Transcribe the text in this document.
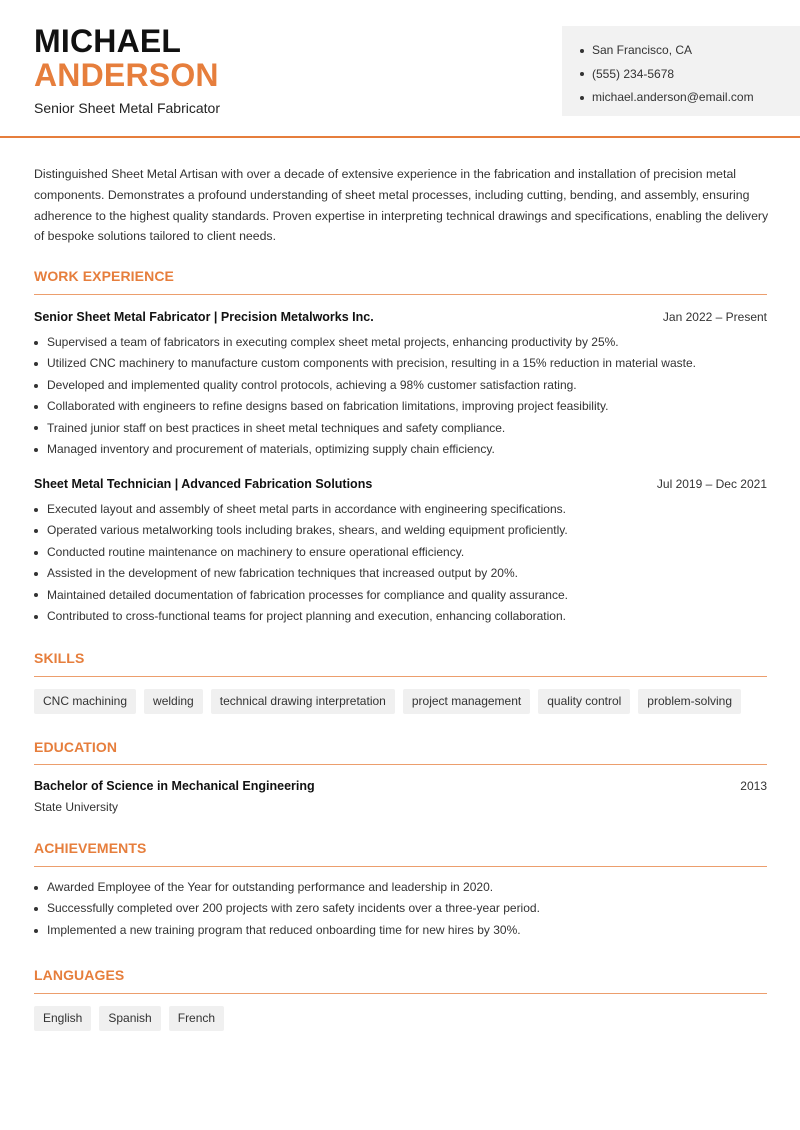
MICHAEL
ANDERSON
Senior Sheet Metal Fabricator
San Francisco, CA
(555) 234-5678
michael.anderson@email.com

Distinguished Sheet Metal Artisan with over a decade of extensive experience in the fabrication and installation of precision metal components. Demonstrates a profound understanding of sheet metal processes, including cutting, bending, and assembly, ensuring adherence to the highest quality standards. Proven expertise in interpreting technical drawings and specifications, enabling the delivery of bespoke solutions tailored to client needs.

WORK EXPERIENCE
Senior Sheet Metal Fabricator | Precision Metalworks Inc.	Jan 2022 – Present
Supervised a team of fabricators in executing complex sheet metal projects, enhancing productivity by 25%.
Utilized CNC machinery to manufacture custom components with precision, resulting in a 15% reduction in material waste.
Developed and implemented quality control protocols, achieving a 98% customer satisfaction rating.
Collaborated with engineers to refine designs based on fabrication limitations, improving project feasibility.
Trained junior staff on best practices in sheet metal techniques and safety compliance.
Managed inventory and procurement of materials, optimizing supply chain efficiency.
Sheet Metal Technician | Advanced Fabrication Solutions	Jul 2019 – Dec 2021
Executed layout and assembly of sheet metal parts in accordance with engineering specifications.
Operated various metalworking tools including brakes, shears, and welding equipment proficiently.
Conducted routine maintenance on machinery to ensure operational efficiency.
Assisted in the development of new fabrication techniques that increased output by 20%.
Maintained detailed documentation of fabrication processes for compliance and quality assurance.
Contributed to cross-functional teams for project planning and execution, enhancing collaboration.
SKILLS
CNC machining	welding	technical drawing interpretation	project management	quality control	problem-solving
EDUCATION
Bachelor of Science in Mechanical Engineering	2013
State University
ACHIEVEMENTS
Awarded Employee of the Year for outstanding performance and leadership in 2020.
Successfully completed over 200 projects with zero safety incidents over a three-year period.
Implemented a new training program that reduced onboarding time for new hires by 30%.
LANGUAGES
English	Spanish	French
